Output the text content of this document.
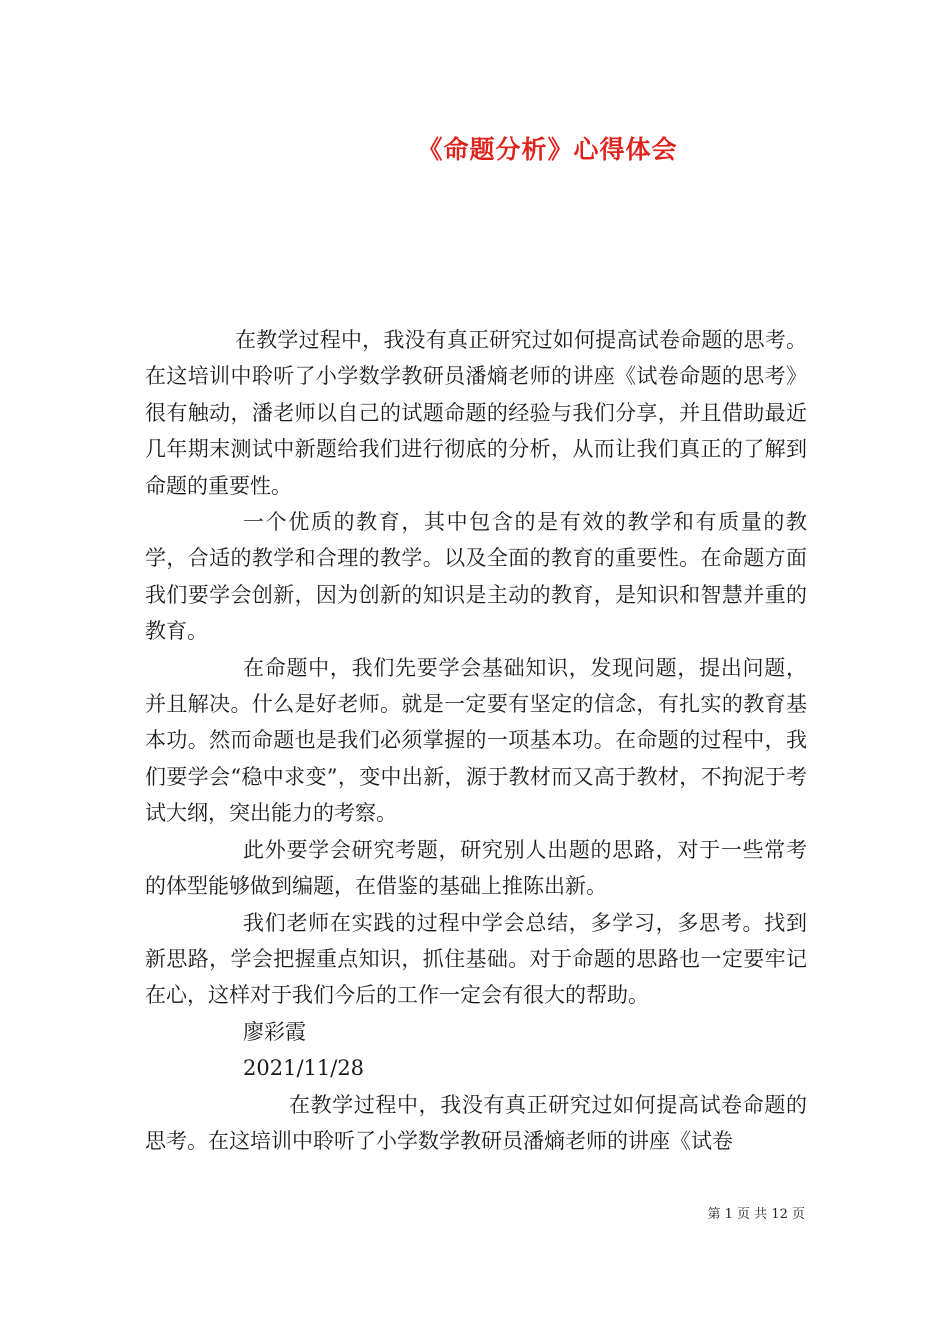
《命题分析》心得体会

在教学过程中，我没有真正研究过如何提高试卷命题的思考。在这培训中聆听了小学数学教研员潘熵老师的讲座《试卷命题的思考》很有触动，潘老师以自己的试题命题的经验与我们分享，并且借助最近几年期末测试中新题给我们进行彻底的分析，从而让我们真正的了解到命题的重要性。

一个优质的教育，其中包含的是有效的教学和有质量的教学，合适的教学和合理的教学。以及全面的教育的重要性。在命题方面我们要学会创新，因为创新的知识是主动的教育，是知识和智慧并重的教育。

在命题中，我们先要学会基础知识，发现问题，提出问题，并且解决。什么是好老师。就是一定要有坚定的信念，有扎实的教育基本功。然而命题也是我们必须掌握的一项基本功。在命题的过程中，我们要学会“稳中求变”，变中出新，源于教材而又高于教材，不拘泥于考试大纲，突出能力的考察。

此外要学会研究考题，研究别人出题的思路，对于一些常考的体型能够做到编题，在借鉴的基础上推陈出新。

我们老师在实践的过程中学会总结，多学习，多思考。找到新思路，学会把握重点知识，抓住基础。对于命题的思路也一定要牢记在心，这样对于我们今后的工作一定会有很大的帮助。

廖彩霞

2021/11/28

在教学过程中，我没有真正研究过如何提高试卷命题的思考。在这培训中聆听了小学数学教研员潘熵老师的讲座《试卷

第 1 页 共 12 页
